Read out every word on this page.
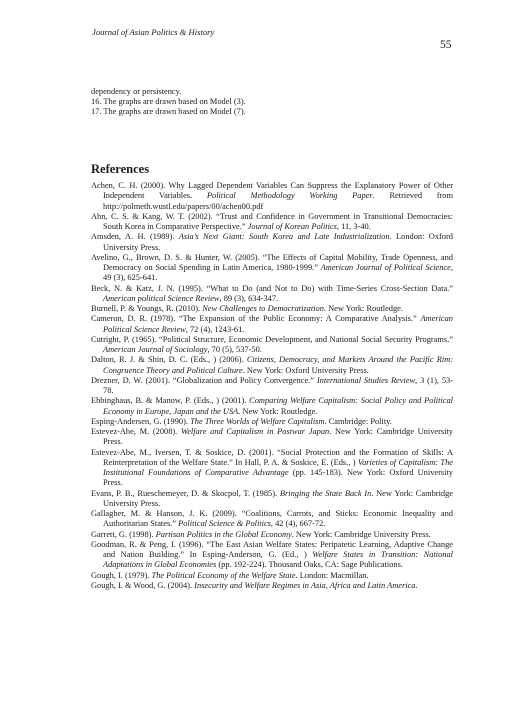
Journal of Asian Politics & History
55
dependency or persistency.
16. The graphs are drawn based on Model (3).
17. The graphs are drawn based on Model (7).
References
Achen, C. H. (2000). Why Lagged Dependent Variables Can Suppress the Explanatory Power of Other Independent Variables. Political Methodology Working Paper. Retrieved from http://polmeth.wustl.edu/papers/00/achen00.pdf
Ahn, C. S. & Kang, W. T. (2002). “Trust and Confidence in Government in Transitional Democracies: South Korea in Comparative Perspective.” Journal of Korean Politics, 11, 3-40.
Amsden, A. H. (1989). Asia’s Next Giant: South Korea and Late Industrialization. London: Oxford University Press.
Avelino, G., Brown, D. S. & Hunter, W. (2005). “The Effects of Capital Mobility, Trade Openness, and Democracy on Social Spending in Latin America, 1980-1999.” American Journal of Political Science, 49 (3), 625-641.
Beck, N. & Katz, J. N. (1995). “What to Do (and Not to Do) with Time-Series Cross-Section Data.” American political Science Review, 89 (3), 634-347.
Burnell, P. & Youngs, R. (2010). New Challenges to Democratization. New York: Routledge.
Cameron, D. R. (1978). “The Expansion of the Public Economy: A Comparative Analysis.” American Political Science Review, 72 (4), 1243-61.
Cutright, P. (1965). “Political Structure, Economic Development, and National Social Security Programs.” American Journal of Sociology, 70 (5), 537-50.
Dalton, R. J. & Shin, D. C. (Eds., ) (2006). Citizens, Democracy, and Markets Around the Pacific Rim: Congruence Theory and Political Culture. New York: Oxford University Press.
Drezner, D. W. (2001). “Globalization and Policy Convergence.” International Studies Review, 3 (1), 53-78.
Ebbinghaus, B. & Manow, P. (Eds., ) (2001). Comparing Welfare Capitalism: Social Policy and Political Economy in Europe, Japan and the USA. New York: Routledge.
Esping-Andersen, G. (1990). The Three Worlds of Welfare Capitalism. Cambridge: Polity.
Estevez-Abe, M. (2008). Welfare and Capitalism in Postwar Japan. New York: Cambridge University Press.
Estevez-Abe, M., Iversen, T. & Soskice, D. (2001). “Social Protection and the Formation of Skills: A Reinterpretation of the Welfare State.” In Hall, P. A. & Soskice, E. (Eds., ) Varieties of Capitalism: The Institutional Foundations of Comparative Advantage (pp. 145-183). New York: Oxford University Press.
Evans, P. B., Rueschemeyer, D. & Skocpol, T. (1985). Bringing the State Back In. New York: Cambridge University Press.
Gallagher, M. & Hanson, J. K. (2009). “Coalitions, Carrots, and Sticks: Economic Inequality and Authoritarian States.” Political Science & Politics, 42 (4), 667-72.
Garrett, G. (1998). Partisan Politics in the Global Economy. New York: Cambridge University Press.
Goodman, R. & Peng, I. (1996). “The East Asian Welfare States: Peripatetic Learning, Adaptive Change and Nation Building.” In Esping-Anderson, G. (Ed., ) Welfare States in Transition: National Adaptations in Global Economies (pp. 192-224). Thousand Oaks, CA: Sage Publications.
Gough, I. (1979). The Political Economy of the Welfare State. London: Macmillan.
Gough, I. & Wood, G. (2004). Insecurity and Welfare Regimes in Asia, Africa and Latin America.
